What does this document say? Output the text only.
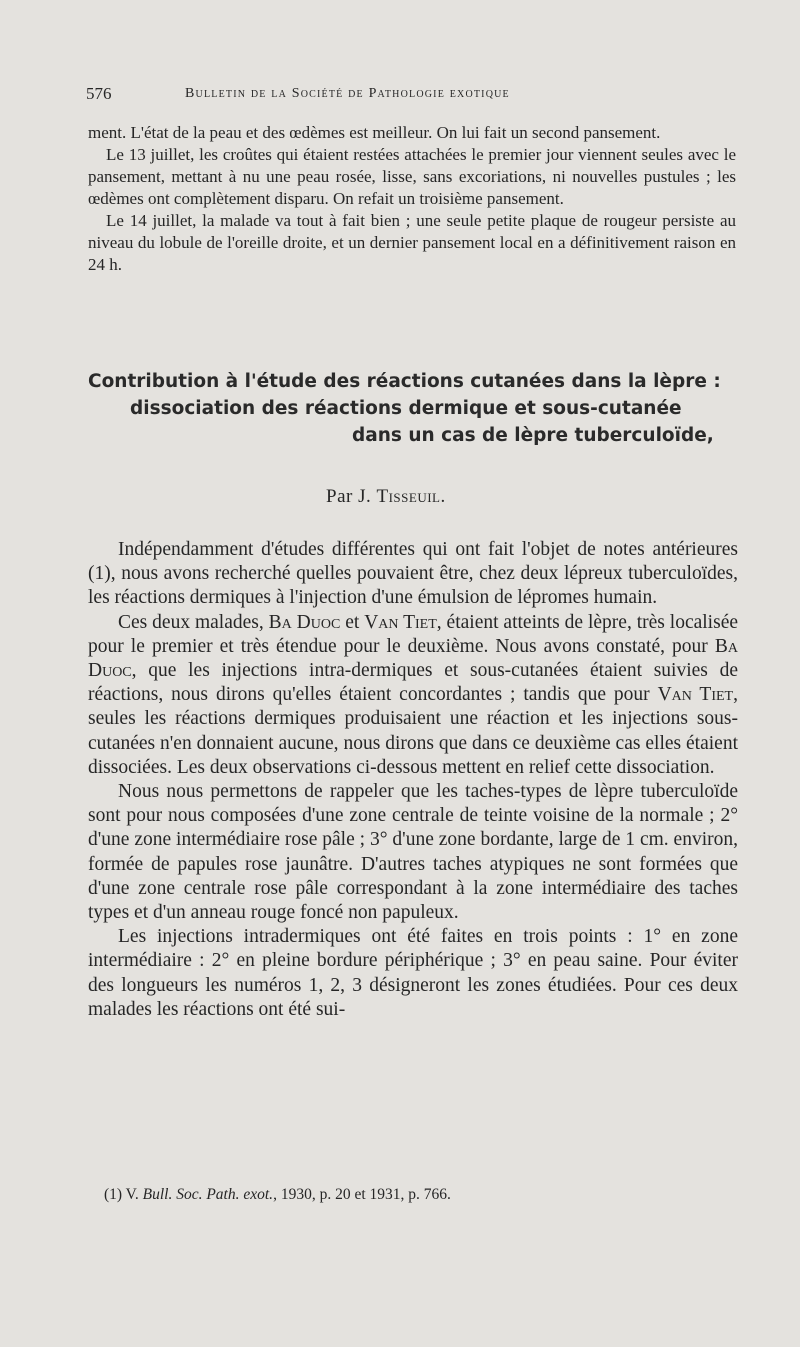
576	Bulletin de la Société de Pathologie exotique

ment. L'état de la peau et des œdèmes est meilleur. On lui fait un second pansement.

Le 13 juillet, les croûtes qui étaient restées attachées le premier jour viennent seules avec le pansement, mettant à nu une peau rosée, lisse, sans excoriations, ni nouvelles pustules ; les œdèmes ont complètement disparu. On refait un troisième pansement.

Le 14 juillet, la malade va tout à fait bien ; une seule petite plaque de rougeur persiste au niveau du lobule de l'oreille droite, et un dernier pansement local en a définitivement raison en 24 h.

Contribution à l'étude des réactions cutanées dans la lèpre :
dissociation des réactions dermique et sous-cutanée
dans un cas de lèpre tuberculoïde,
Par J. Tisseuil.

Indépendamment d'études différentes qui ont fait l'objet de notes antérieures (1), nous avons recherché quelles pouvaient être, chez deux lépreux tuberculoïdes, les réactions dermiques à l'injection d'une émulsion de lépromes humain.

Ces deux malades, Ba Duoc et Van Tiet, étaient atteints de lèpre, très localisée pour le premier et très étendue pour le deuxième. Nous avons constaté, pour Ba Duoc, que les injections intra-dermiques et sous-cutanées étaient suivies de réactions, nous dirons qu'elles étaient concordantes ; tandis que pour Van Tiet, seules les réactions dermiques produisaient une réaction et les injections sous-cutanées n'en donnaient aucune, nous dirons que dans ce deuxième cas elles étaient dissociées. Les deux observations ci-dessous mettent en relief cette dissociation.

Nous nous permettons de rappeler que les taches-types de lèpre tuberculoïde sont pour nous composées d'une zone centrale de teinte voisine de la normale ; 2° d'une zone intermédiaire rose pâle ; 3° d'une zone bordante, large de 1 cm. environ, formée de papules rose jaunâtre. D'autres taches atypiques ne sont formées que d'une zone centrale rose pâle correspondant à la zone intermédiaire des taches types et d'un anneau rouge foncé non papuleux.

Les injections intradermiques ont été faites en trois points : 1° en zone intermédiaire : 2° en pleine bordure périphérique ; 3° en peau saine. Pour éviter des longueurs les numéros 1, 2, 3 désigneront les zones étudiées. Pour ces deux malades les réactions ont été sui-

(1) V. Bull. Soc. Path. exot., 1930, p. 20 et 1931, p. 766.
